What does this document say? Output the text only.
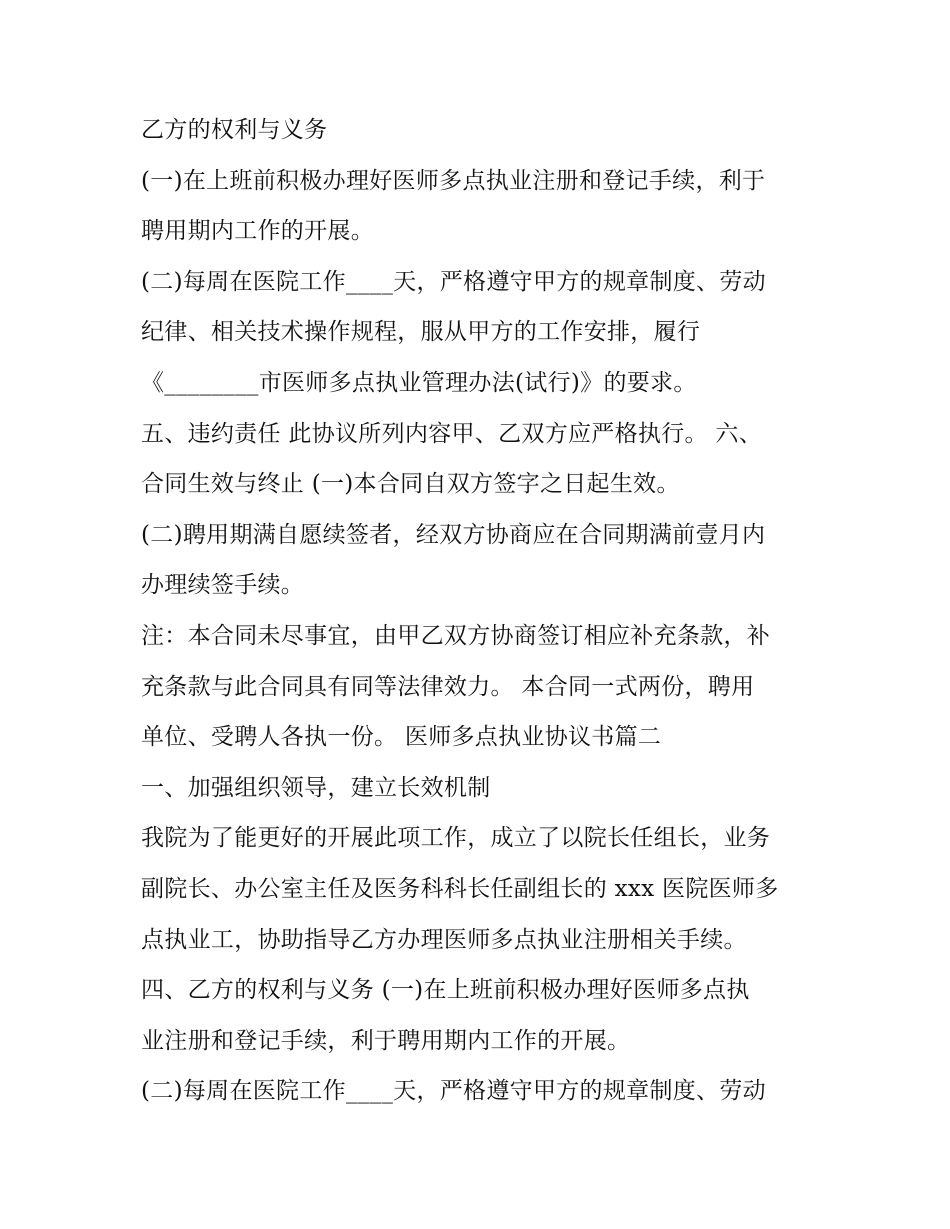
乙方的权利与义务
(一)在上班前积极办理好医师多点执业注册和登记手续，利于
聘用期内工作的开展。
(二)每周在医院工作____天，严格遵守甲方的规章制度、劳动
纪律、相关技术操作规程，服从甲方的工作安排，履行
《________市医师多点执业管理办法(试行)》的要求。
五、违约责任 此协议所列内容甲、乙双方应严格执行。 六、
合同生效与终止 (一)本合同自双方签字之日起生效。
(二)聘用期满自愿续签者，经双方协商应在合同期满前壹月内
办理续签手续。
注：本合同未尽事宜，由甲乙双方协商签订相应补充条款，补
充条款与此合同具有同等法律效力。 本合同一式两份，聘用
单位、受聘人各执一份。 医师多点执业协议书篇二
一、加强组织领导，建立长效机制
我院为了能更好的开展此项工作，成立了以院长任组长，业务
副院长、办公室主任及医务科科长任副组长的 xxx 医院医师多
点执业工，协助指导乙方办理医师多点执业注册相关手续。
四、乙方的权利与义务 (一)在上班前积极办理好医师多点执
业注册和登记手续，利于聘用期内工作的开展。
(二)每周在医院工作____天，严格遵守甲方的规章制度、劳动
